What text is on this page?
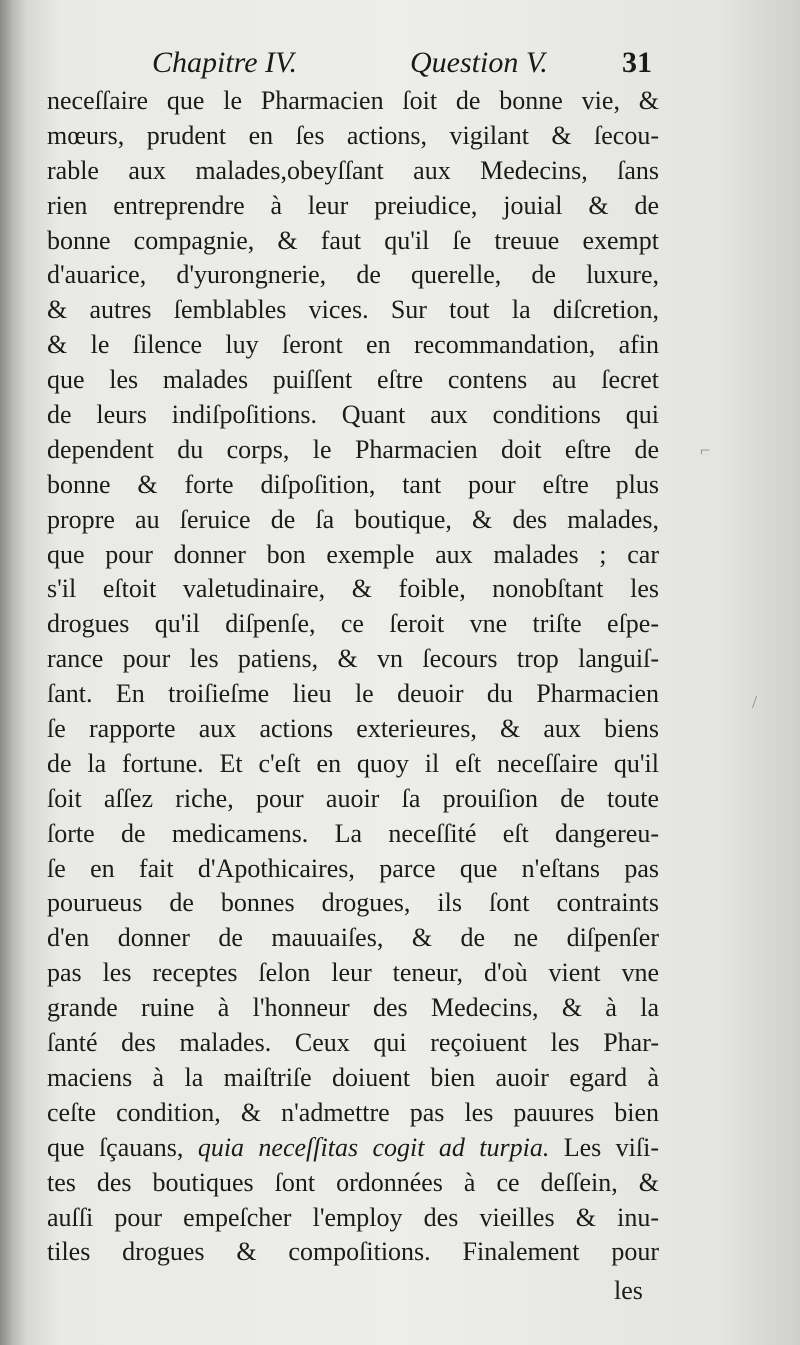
Chapitre IV.	Question V. 31
neceſſaire que le Pharmacien ſoit de bonne vie, &
mœurs, prudent en ſes actions, vigilant & ſecou-
rable aux malades,obeyſſant aux Medecins, ſans
rien entreprendre à leur preiudice, jouial & de
bonne compagnie, & faut qu'il ſe treuue exempt
d'auarice, d'yurongnerie, de querelle, de luxure,
& autres ſemblables vices. Sur tout la diſcretion,
& le ſilence luy ſeront en recommandation, afin
que les malades puiſſent eſtre contens au ſecret
de leurs indiſpoſitions. Quant aux conditions qui
dependent du corps, le Pharmacien doit eſtre de
bonne & forte diſpoſition, tant pour eſtre plus
propre au ſeruice de ſa boutique, & des malades,
que pour donner bon exemple aux malades ; car
s'il eſtoit valetudinaire, & foible, nonobſtant les
drogues qu'il diſpenſe, ce ſeroit vne triſte eſpe-
rance pour les patiens, & vn ſecours trop languiſ-
ſant. En troiſieſme lieu le deuoir du Pharmacien
ſe rapporte aux actions exterieures, & aux biens
de la fortune. Et c'eſt en quoy il eſt neceſſaire qu'il
ſoit aſſez riche, pour auoir ſa prouiſion de toute
ſorte de medicamens. La neceſſité eſt dangereu-
ſe en fait d'Apothicaires, parce que n'eſtans pas
pourueus de bonnes drogues, ils ſont contraints
d'en donner de mauuaiſes, & de ne diſpenſer
pas les receptes ſelon leur teneur, d'où vient vne
grande ruine à l'honneur des Medecins, & à la
ſanté des malades. Ceux qui reçoiuent les Phar-
maciens à la maiſtriſe doiuent bien auoir egard à
ceſte condition, & n'admettre pas les pauures bien
que ſçauans, quia neceſſitas cogit ad turpia. Les viſi-
tes des boutiques ſont ordonnées à ce deſſein, &
auſſi pour empeſcher l'employ des vieilles & inu-
tiles drogues & compoſitions. Finalement pour
les
/
⌐
